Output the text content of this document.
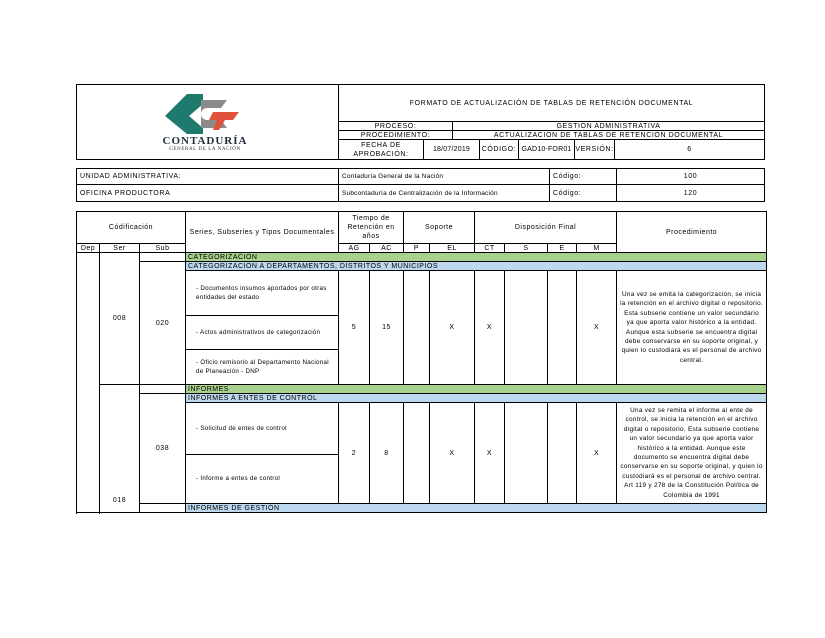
CONTADURÍA
GENERAL DE LA NACIÓN
FORMATO DE ACTUALIZACIÓN DE TABLAS DE RETENCIÓN DOCUMENTAL
PROCESO:	GESTIÓN ADMINISTRATIVA
PROCEDIMIENTO:	ACTUALIZACIÓN DE TABLAS DE RETENCIÓN DOCUMENTAL
FECHA DE APROBACIÓN:
18/07/2019	CÓDIGO: GAD10-FOR01 VERSIÓN:	6
UNIDAD ADMINISTRATIVA:	Contaduría General de la Nación	Código:	100
OFICINA PRODUCTORA	Subcontaduría de Centralización de la Información	Código:	120
Códificación			Series, Subseries y Tipos Documentales	Tiempo de Retención en años		Soporte		Disposición Final				Procedimiento
Dep	Ser	Sub		AG	AC	P	EL	CT	S	E	M	
	008		CATEGORIZACIÓN									
		020	CATEGORIZACIÓN A DEPARTAMENTOS, DISTRITOS Y MUNICIPIOS									
			- Documentos insumos aportados por otras entidades del estado	5	15		X	X			X	Una vez se emita la categorización, se inicia la retención en el archivo digital o repositorio. Esta subserie contiene un valor secundario ya que aporta valor histórico a la entidad. Aunque esta subserie se encuentra digital debe conservarse en su soporte original, y quien lo custodiará es el personal de archivo central.
			- Actos administrativos de categorización									
			- Oficio remisorio al Departamento Nacional de Planeación - DNP									

	018		INFORMES									
		038	INFORMES A ENTES DE CONTROL									
			- Solicitud de entes de control	2	8		X	X			X	Una vez se remita el informe al ente de control, se inicia la retención en el archivo digital o repositorio. Esta subserie contiene un valor secundario ya que aporta valor histórico a la entidad. Aunque este documento se encuentra digital debe conservarse en su soporte original, y quien lo custodiará es el personal de archivo central. Art 119 y 278 de la Constitución Política de Colombia de 1991
			- Informe a entes de control									
			INFORMES DE GESTIÓN									
